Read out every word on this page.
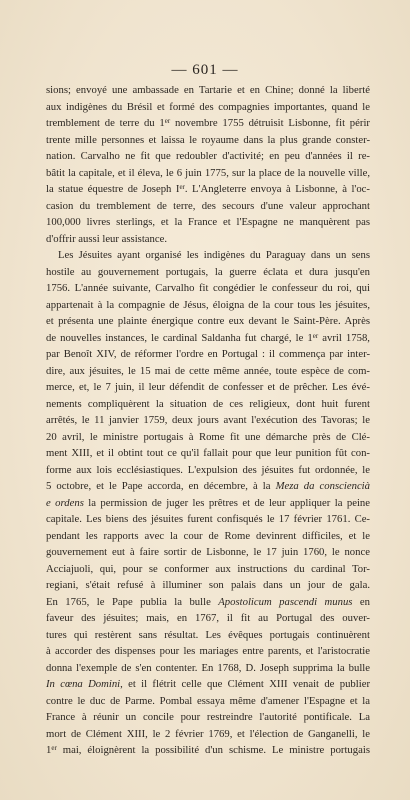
— 601 —
sions; envoyé une ambassade en Tartarie et en Chine; donné la liberté
aux indigènes du Brésil et formé des compagnies importantes, quand le
tremblement de terre du 1er novembre 1755 détruisit Lisbonne, fit périr
trente mille personnes et laissa le royaume dans la plus grande conster-
nation. Carvalho ne fit que redoubler d'activité; en peu d'années il re-
bâtit la capitale, et il éleva, le 6 juin 1775, sur la place de la nouvelle ville,
la statue équestre de Joseph Ier. L'Angleterre envoya à Lisbonne, à l'oc-
casion du tremblement de terre, des secours d'une valeur approchant
100,000 livres sterlings, et la France et l'Espagne ne manquèrent pas
d'offrir aussi leur assistance.
Les Jésuites ayant organisé les indigènes du Paraguay dans un sens
hostile au gouvernement portugais, la guerre éclata et dura jusqu'en
1756. L'année suivante, Carvalho fit congédier le confesseur du roi, qui
appartenait à la compagnie de Jésus, éloigna de la cour tous les jésuites,
et présenta une plainte énergique contre eux devant le Saint-Père. Après
de nouvelles instances, le cardinal Saldanha fut chargé, le 1er avril 1758,
par Benoît XIV, de réformer l'ordre en Portugal : il commença par inter-
dire, aux jésuites, le 15 mai de cette même année, toute espèce de com-
merce, et, le 7 juin, il leur défendit de confesser et de prêcher. Les évé-
nements compliquèrent la situation de ces religieux, dont huit furent
arrêtés, le 11 janvier 1759, deux jours avant l'exécution des Tavoras; le
20 avril, le ministre portugais à Rome fit une démarche près de Clé-
ment XIII, et il obtint tout ce qu'il fallait pour que leur punition fût con-
forme aux lois ecclésiastiques. L'expulsion des jésuites fut ordonnée, le
5 octobre, et le Pape accorda, en décembre, à la Meza da consciencià
e ordens la permission de juger les prêtres et de leur appliquer la peine
capitale. Les biens des jésuites furent confisqués le 17 février 1761. Ce-
pendant les rapports avec la cour de Rome devinrent difficiles, et le
gouvernement eut à faire sortir de Lisbonne, le 17 juin 1760, le nonce
Acciajuoli, qui, pour se conformer aux instructions du cardinal Tor-
regiani, s'était refusé à illuminer son palais dans un jour de gala.
En 1765, le Pape publia la bulle Apostolicum pascendi munus en
faveur des jésuites; mais, en 1767, il fit au Portugal des ouver-
tures qui restèrent sans résultat. Les évêques portugais continuèrent
à accorder des dispenses pour les mariages entre parents, et l'aristocratie
donna l'exemple de s'en contenter. En 1768, D. Joseph supprima la bulle
In cœna Domini, et il flétrit celle que Clément XIII venait de publier
contre le duc de Parme. Pombal essaya même d'amener l'Espagne et la
France à réunir un concile pour restreindre l'autorité pontificale. La
mort de Clément XIII, le 2 février 1769, et l'élection de Ganganelli, le
1er mai, éloignèrent la possibilité d'un schisme. Le ministre portugais
